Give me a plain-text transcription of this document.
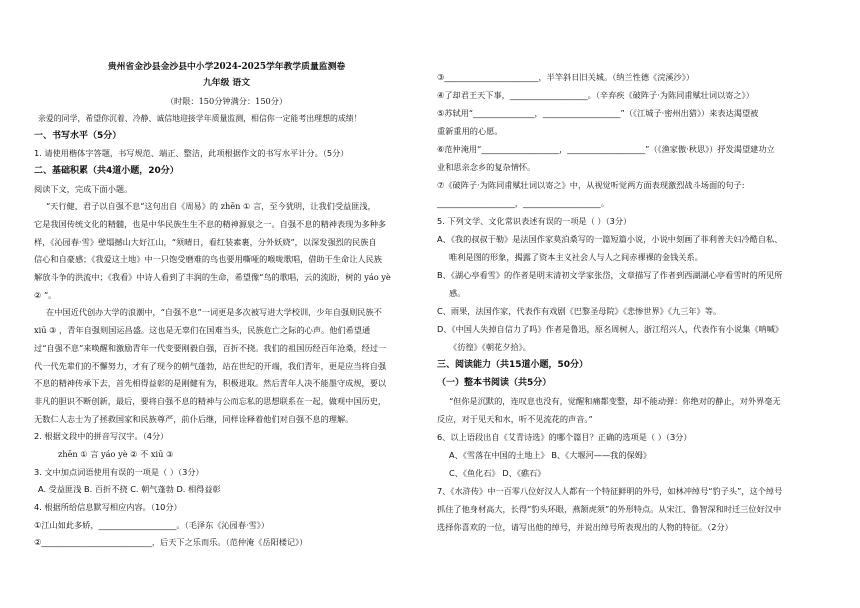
贵州省金沙县金沙县中小学2024-2025学年教学质量监测卷
九年级 语文
（时限：150分钟满分：150分）
亲爱的同学，希望你沉着、冷静、诚信地迎接学年质量监测，相信你一定能考出理想的成绩！
一、书写水平（5分）
1. 请使用楷体字答题，书写规范、端正、整洁，此项根据作文的书写水平计分。（5分）
二、基础积累（共4道小题，20分）
阅读下文，完成下面小题。
“天行健，君子以自强不息”这句出自《周易》的 zhēn ① 言，至今犹明，让我们受益匪浅，
它是我国传统文化的精髓，也是中华民族生生不息的精神源泉之一。自强不息的精神表现为多种多
样，《沁园春·雪》壁塌撼山大好江山，“须晴日，看红装素裹，分外妖娆”，以深发强烈的民族自
信心和自豪感；《我爱这土地》中一只饱受磨难的鸟也要用嘶哑的喉咙歌唱，借助于生命让人民族
解放斗争的洪流中；《我看》中诗人看到了丰润的生命，希望像“鸟的歌唱，云的流盼，树的 yáo yè
② ”。
在中国近代创办大学的浪潮中，“自强不息”一词更是多次被写进大学校训，少年自强则民族不
xiū ③ ，青年自强则国运昌盛。这也是无辜们在国难当头，民族危亡之际的心声。他们希望通
过“自强不息”来唤醒和激励青年一代变要刚毅自强，百折不挠。我们的祖国历经百年沧桑，经过一
代一代先辈们的不懈努力，才有了现今的朝气蓬勃，站在世纪的开端，我们青年，更是应当将自强
不息的精神传承下去，首先相得益彰的是刚健有为，积极进取。然后青年人决不能墨守成规，要以
非凡的胆识不断创新，最后，要将自强不息的精神与公而忘私的思想联系在一起，做观中国历史，
无数仁人志士为了拯救国家和民族尊严，前仆后继，同样诠释着他们对自强不息的理解。
2. 根据文段中的拼音写汉字。（4分）
zhēn ① 言 yáo yè ② 不 xiū ③
3. 文中加点词语使用有误的一项是（ ）（3分）
A. 受益匪浅 B. 百折不挠 C. 朝气蓬勃 D. 相得益彰
4. 根据所给信息默写相应内容。（10分）
①江山如此多娇，___________________。（毛泽东《沁园春·雪》）
②___________________________，后天下之乐而乐。（范仲淹《岳阳楼记》）
③_______________________，半竿斜日旧关城。（纳兰性德《浣溪沙》）
④了却君王天下事，___________________。（辛弃疾《破阵子·为陈同甫赋壮词以寄之》）
⑤苏轼用“_______________，___________________”（《江城子·密州出猎》）来表达渴望被
重新重用的心愿。
⑥范仲淹用“___________________，___________________”（《渔家傲·秋思》）抒发渴望建功立
业和思亲念乡的复杂情怀。
⑦《破阵子·为陈同甫赋壮词以寄之》中，从视觉听觉两方面表现激烈战斗场面的句子:
___________________，___________________。
5. 下列文学、文化常识表述有误的一项是（ ）（3分）
A、《我的叔叔于勒》是法国作家莫泊桑写的一篇短篇小说，小说中刻画了菲利普夫妇冷酷自私、
唯利是图的形象，揭露了资本主义社会人与人之间赤裸裸的金钱关系。
B、《湖心亭看雪》的作者是明末清初文学家张岱，文章描写了作者到西湖湖心亭看雪时的所见所
感。
C、雨果，法国作家，代表作有戏剧《巴黎圣母院》《悲惨世界》《九三年》等。
D、《中国人失掉自信力了吗》作者是鲁迅，原名周树人，浙江绍兴人，代表作有小说集《呐喊》
《彷徨》《朝花夕拾》。
三、阅读能力（共15道小题，50分）
（一）整本书阅读（共5分）
“但你是沉默的，连叹息也没有，觉醒和痛都变整，却不能动弹：你绝对的静止，对外界毫无
反应，对于见天和水，听不见流花的声音。”
6、以上语段出自《艾青诗选》的哪个篇目？正确的选项是（ ）（3分）
A、《雪落在中国的土地上》 B、《大堰河——我的保姆》
C、《鱼化石》 D、《礁石》
7、《水浒传》中一百零八位好汉人人都有一个特征鲜明的外号，如林冲绰号“豹子头”，这个绰号
抓住了他身材高大，长得“豹头环眼，燕颔虎须”的外形特点。从宋江、鲁智深和时迁三位好汉中
选择你喜欢的一位，请写出他的绰号，并说出绰号所表现出的人物的特征。（2分）
